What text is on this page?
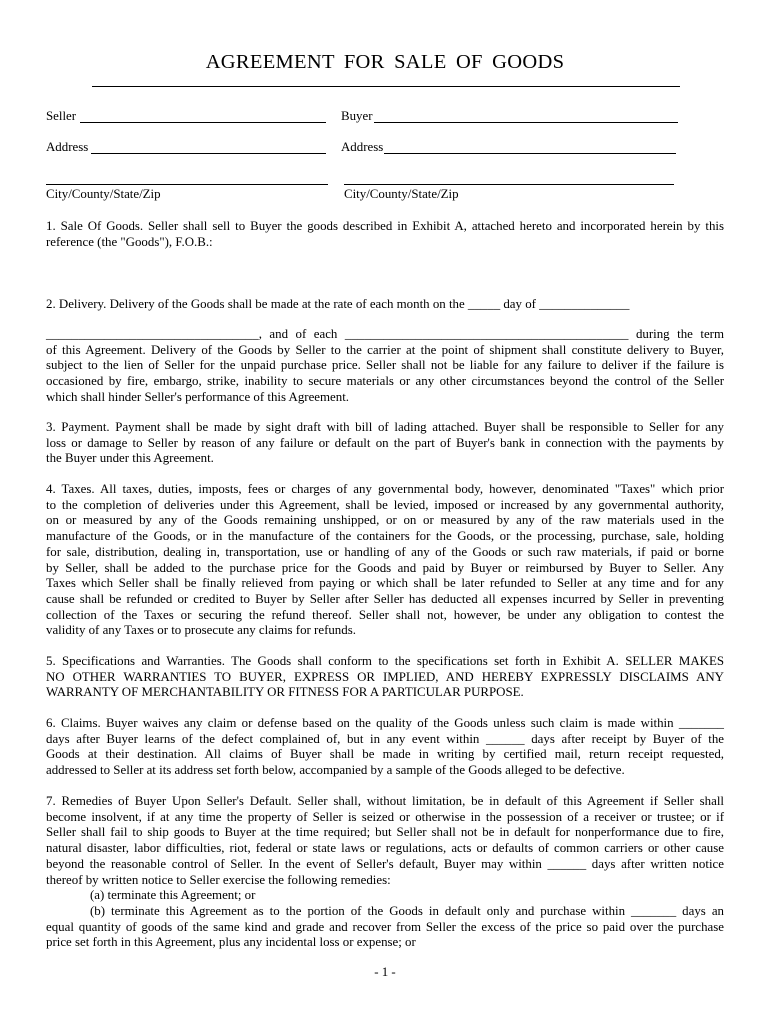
AGREEMENT FOR SALE OF GOODS
Seller	Buyer
Address	Address
City/County/State/Zip	City/County/State/Zip

1. Sale Of Goods. Seller shall sell to Buyer the goods described in Exhibit A, attached hereto and incorporated herein by this
reference (the "Goods"), F.O.B.:

2. Delivery. Delivery of the Goods shall be made at the rate of each month on the _____ day of ______________

_________________________________, and of each ____________________________________________ during the term
of this Agreement. Delivery of the Goods by Seller to the carrier at the point of shipment shall constitute delivery to Buyer,
subject to the lien of Seller for the unpaid purchase price. Seller shall not be liable for any failure to deliver if the failure is
occasioned by fire, embargo, strike, inability to secure materials or any other circumstances beyond the control of the Seller
which shall hinder Seller's performance of this Agreement.

3. Payment. Payment shall be made by sight draft with bill of lading attached. Buyer shall be responsible to Seller for any
loss or damage to Seller by reason of any failure or default on the part of Buyer's bank in connection with the payments by
the Buyer under this Agreement.

4. Taxes. All taxes, duties, imposts, fees or charges of any governmental body, however, denominated "Taxes" which prior
to the completion of deliveries under this Agreement, shall be levied, imposed or increased by any governmental authority,
on or measured by any of the Goods remaining unshipped, or on or measured by any of the raw materials used in the
manufacture of the Goods, or in the manufacture of the containers for the Goods, or the processing, purchase, sale, holding
for sale, distribution, dealing in, transportation, use or handling of any of the Goods or such raw materials, if paid or borne
by Seller, shall be added to the purchase price for the Goods and paid by Buyer or reimbursed by Buyer to Seller. Any
Taxes which Seller shall be finally relieved from paying or which shall be later refunded to Seller at any time and for any
cause shall be refunded or credited to Buyer by Seller after Seller has deducted all expenses incurred by Seller in preventing
collection of the Taxes or securing the refund thereof. Seller shall not, however, be under any obligation to contest the
validity of any Taxes or to prosecute any claims for refunds.

5. Specifications and Warranties. The Goods shall conform to the specifications set forth in Exhibit A. SELLER MAKES
NO OTHER WARRANTIES TO BUYER, EXPRESS OR IMPLIED, AND HEREBY EXPRESSLY DISCLAIMS ANY
WARRANTY OF MERCHANTABILITY OR FITNESS FOR A PARTICULAR PURPOSE.

6. Claims. Buyer waives any claim or defense based on the quality of the Goods unless such claim is made within _______
days after Buyer learns of the defect complained of, but in any event within ______ days after receipt by Buyer of the
Goods at their destination. All claims of Buyer shall be made in writing by certified mail, return receipt requested,
addressed to Seller at its address set forth below, accompanied by a sample of the Goods alleged to be defective.

7. Remedies of Buyer Upon Seller's Default. Seller shall, without limitation, be in default of this Agreement if Seller shall
become insolvent, if at any time the property of Seller is seized or otherwise in the possession of a receiver or trustee; or if
Seller shall fail to ship goods to Buyer at the time required; but Seller shall not be in default for nonperformance due to fire,
natural disaster, labor difficulties, riot, federal or state laws or regulations, acts or defaults of common carriers or other cause
beyond the reasonable control of Seller. In the event of Seller's default, Buyer may within ______ days after written notice
thereof by written notice to Seller exercise the following remedies:
(a) terminate this Agreement; or
(b) terminate this Agreement as to the portion of the Goods in default only and purchase within _______ days an
equal quantity of goods of the same kind and grade and recover from Seller the excess of the price so paid over the purchase
price set forth in this Agreement, plus any incidental loss or expense; or

- 1 -
